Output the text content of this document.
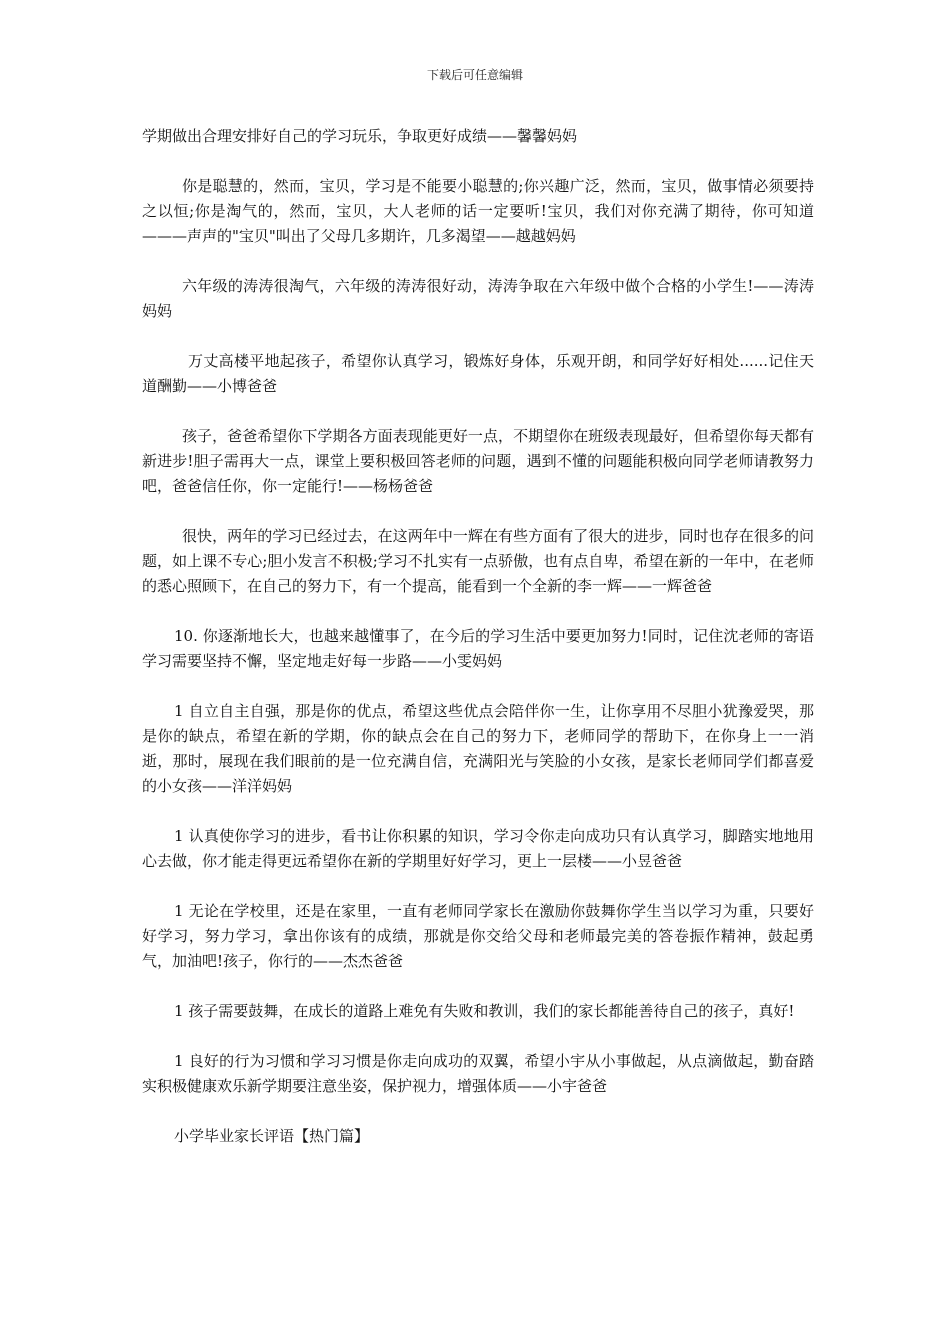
下载后可任意编辑

学期做出合理安排好自己的学习玩乐，争取更好成绩——馨馨妈妈

你是聪慧的，然而，宝贝，学习是不能要小聪慧的;你兴趣广泛，然而，宝贝，做事情必须要持之以恒;你是淘气的，然而，宝贝，大人老师的话一定要听!宝贝，我们对你充满了期待，你可知道———声声的"宝贝"叫出了父母几多期许，几多渴望——越越妈妈

六年级的涛涛很淘气，六年级的涛涛很好动，涛涛争取在六年级中做个合格的小学生!——涛涛妈妈

万丈高楼平地起孩子，希望你认真学习，锻炼好身体，乐观开朗，和同学好好相处......记住天道酬勤——小博爸爸

孩子，爸爸希望你下学期各方面表现能更好一点，不期望你在班级表现最好，但希望你每天都有新进步!胆子需再大一点，课堂上要积极回答老师的问题，遇到不懂的问题能积极向同学老师请教努力吧，爸爸信任你，你一定能行!——杨杨爸爸

很快，两年的学习已经过去，在这两年中一辉在有些方面有了很大的进步，同时也存在很多的问题，如上课不专心;胆小发言不积极;学习不扎实有一点骄傲，也有点自卑，希望在新的一年中，在老师的悉心照顾下，在自己的努力下，有一个提高，能看到一个全新的李一辉——一辉爸爸

10. 你逐渐地长大，也越来越懂事了，在今后的学习生活中要更加努力!同时，记住沈老师的寄语学习需要坚持不懈，坚定地走好每一步路——小雯妈妈

1 自立自主自强，那是你的优点，希望这些优点会陪伴你一生，让你享用不尽胆小犹豫爱哭，那是你的缺点，希望在新的学期，你的缺点会在自己的努力下，老师同学的帮助下，在你身上一一消逝，那时，展现在我们眼前的是一位充满自信，充满阳光与笑脸的小女孩，是家长老师同学们都喜爱的小女孩——洋洋妈妈

1 认真使你学习的进步，看书让你积累的知识，学习令你走向成功只有认真学习，脚踏实地地用心去做，你才能走得更远希望你在新的学期里好好学习，更上一层楼——小昱爸爸

1 无论在学校里，还是在家里，一直有老师同学家长在激励你鼓舞你学生当以学习为重，只要好好学习，努力学习，拿出你该有的成绩，那就是你交给父母和老师最完美的答卷振作精神，鼓起勇气，加油吧!孩子，你行的——杰杰爸爸

1 孩子需要鼓舞，在成长的道路上难免有失败和教训，我们的家长都能善待自己的孩子，真好!

1 良好的行为习惯和学习习惯是你走向成功的双翼，希望小宇从小事做起，从点滴做起，勤奋踏实积极健康欢乐新学期要注意坐姿，保护视力，增强体质——小宇爸爸

小学毕业家长评语【热门篇】
